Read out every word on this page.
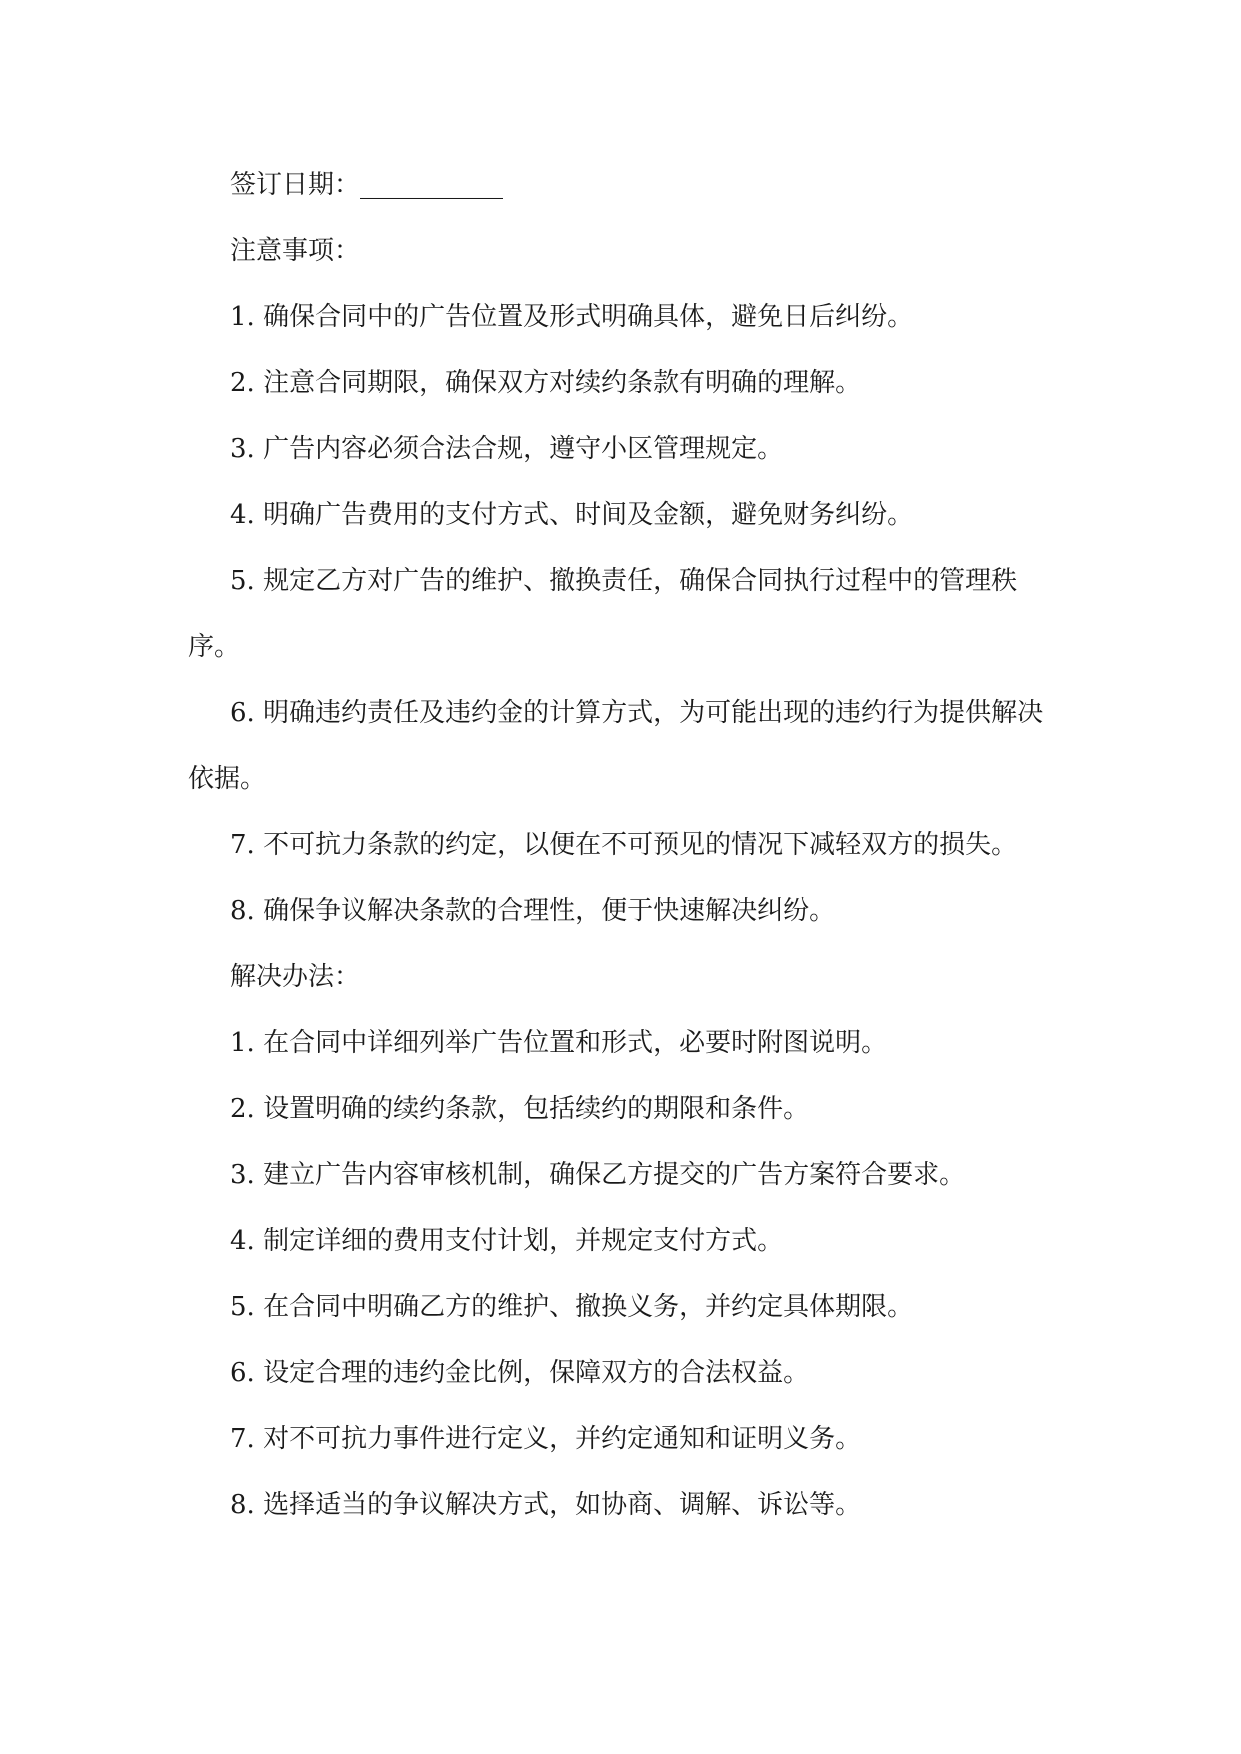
签订日期：___________

注意事项：

1. 确保合同中的广告位置及形式明确具体，避免日后纠纷。

2. 注意合同期限，确保双方对续约条款有明确的理解。

3. 广告内容必须合法合规，遵守小区管理规定。

4. 明确广告费用的支付方式、时间及金额，避免财务纠纷。

5. 规定乙方对广告的维护、撤换责任，确保合同执行过程中的管理秩序。

6. 明确违约责任及违约金的计算方式，为可能出现的违约行为提供解决依据。

7. 不可抗力条款的约定，以便在不可预见的情况下减轻双方的损失。

8. 确保争议解决条款的合理性，便于快速解决纠纷。

解决办法：

1. 在合同中详细列举广告位置和形式，必要时附图说明。

2. 设置明确的续约条款，包括续约的期限和条件。

3. 建立广告内容审核机制，确保乙方提交的广告方案符合要求。

4. 制定详细的费用支付计划，并规定支付方式。

5. 在合同中明确乙方的维护、撤换义务，并约定具体期限。

6. 设定合理的违约金比例，保障双方的合法权益。

7. 对不可抗力事件进行定义，并约定通知和证明义务。

8. 选择适当的争议解决方式，如协商、调解、诉讼等。
